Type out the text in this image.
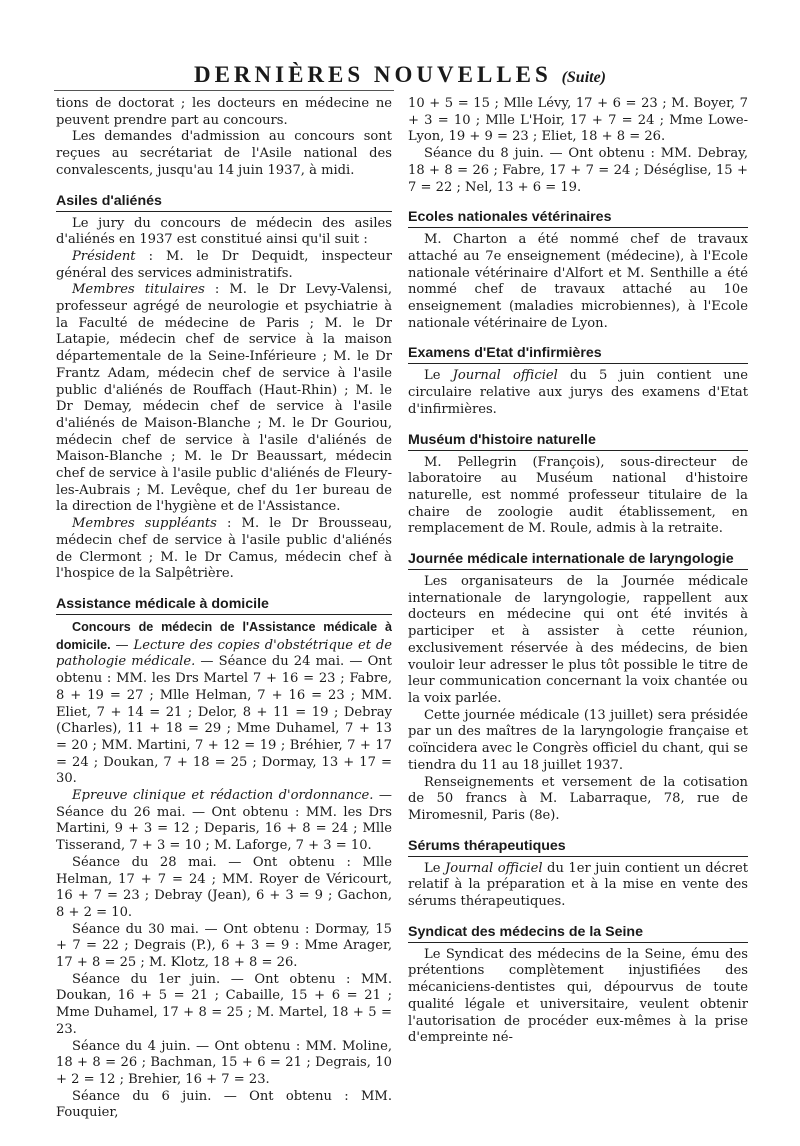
DERNIÈRES NOUVELLES (Suite)

tions de doctorat ; les docteurs en médecine ne peuvent prendre part au concours.

Les demandes d'admission au concours sont reçues au secrétariat de l'Asile national des convalescents, jusqu'au 14 juin 1937, à midi.

Asiles d'aliénés

Le jury du concours de médecin des asiles d'aliénés en 1937 est constitué ainsi qu'il suit :

Président : M. le Dr Dequidt, inspecteur général des services administratifs.

Membres titulaires : M. le Dr Levy-Valensi, professeur agrégé de neurologie et psychiatrie à la Faculté de médecine de Paris ; M. le Dr Latapie, médecin chef de service à la maison départementale de la Seine-Inférieure ; M. le Dr Frantz Adam, médecin chef de service à l'asile public d'aliénés de Rouffach (Haut-Rhin) ; M. le Dr Demay, médecin chef de service à l'asile d'aliénés de Maison-Blanche ; M. le Dr Gouriou, médecin chef de service à l'asile d'aliénés de Maison-Blanche ; M. le Dr Beaussart, médecin chef de service à l'asile public d'aliénés de Fleury-les-Aubrais ; M. Levêque, chef du 1er bureau de la direction de l'hygiène et de l'Assistance.

Membres suppléants : M. le Dr Brousseau, médecin chef de service à l'asile public d'aliénés de Clermont ; M. le Dr Camus, médecin chef à l'hospice de la Salpêtrière.

Assistance médicale à domicile

Concours de médecin de l'Assistance médicale à domicile. — Lecture des copies d'obstétrique et de pathologie médicale. — Séance du 24 mai. — Ont obtenu : MM. les Drs Martel 7 + 16 = 23 ; Fabre, 8 + 19 = 27 ; Mlle Helman, 7 + 16 = 23 ; MM. Eliet, 7 + 14 = 21 ; Delor, 8 + 11 = 19 ; Debray (Charles), 11 + 18 = 29 ; Mme Duhamel, 7 + 13 = 20 ; MM. Martini, 7 + 12 = 19 ; Bréhier, 7 + 17 = 24 ; Doukan, 7 + 18 = 25 ; Dormay, 13 + 17 = 30.

Epreuve clinique et rédaction d'ordonnance. — Séance du 26 mai. — Ont obtenu : MM. les Drs Martini, 9 + 3 = 12 ; Deparis, 16 + 8 = 24 ; Mlle Tisserand, 7 + 3 = 10 ; M. Laforge, 7 + 3 = 10.

Séance du 28 mai. — Ont obtenu : Mlle Helman, 17 + 7 = 24 ; MM. Royer de Véricourt, 16 + 7 = 23 ; Debray (Jean), 6 + 3 = 9 ; Gachon, 8 + 2 = 10.

Séance du 30 mai. — Ont obtenu : Dormay, 15 + 7 = 22 ; Degrais (P.), 6 + 3 = 9 : Mme Arager, 17 + 8 = 25 ; M. Klotz, 18 + 8 = 26.

Séance du 1er juin. — Ont obtenu : MM. Doukan, 16 + 5 = 21 ; Cabaille, 15 + 6 = 21 ; Mme Duhamel, 17 + 8 = 25 ; M. Martel, 18 + 5 = 23.

Séance du 4 juin. — Ont obtenu : MM. Moline, 18 + 8 = 26 ; Bachman, 15 + 6 = 21 ; Degrais, 10 + 2 = 12 ; Brehier, 16 + 7 = 23.

Séance du 6 juin. — Ont obtenu : MM. Fouquier,

10 + 5 = 15 ; Mlle Lévy, 17 + 6 = 23 ; M. Boyer, 7 + 3 = 10 ; Mlle L'Hoir, 17 + 7 = 24 ; Mme Lowe-Lyon, 19 + 9 = 23 ; Eliet, 18 + 8 = 26.

Séance du 8 juin. — Ont obtenu : MM. Debray, 18 + 8 = 26 ; Fabre, 17 + 7 = 24 ; Déséglise, 15 + 7 = 22 ; Nel, 13 + 6 = 19.

Ecoles nationales vétérinaires

M. Charton a été nommé chef de travaux attaché au 7e enseignement (médecine), à l'Ecole nationale vétérinaire d'Alfort et M. Senthille a été nommé chef de travaux attaché au 10e enseignement (maladies microbiennes), à l'Ecole nationale vétérinaire de Lyon.

Examens d'Etat d'infirmières

Le Journal officiel du 5 juin contient une circulaire relative aux jurys des examens d'Etat d'infirmières.

Muséum d'histoire naturelle

M. Pellegrin (François), sous-directeur de laboratoire au Muséum national d'histoire naturelle, est nommé professeur titulaire de la chaire de zoologie audit établissement, en remplacement de M. Roule, admis à la retraite.

Journée médicale internationale de laryngologie

Les organisateurs de la Journée médicale internationale de laryngologie, rappellent aux docteurs en médecine qui ont été invités à participer et à assister à cette réunion, exclusivement réservée à des médecins, de bien vouloir leur adresser le plus tôt possible le titre de leur communication concernant la voix chantée ou la voix parlée.

Cette journée médicale (13 juillet) sera présidée par un des maîtres de la laryngologie française et coïncidera avec le Congrès officiel du chant, qui se tiendra du 11 au 18 juillet 1937.

Renseignements et versement de la cotisation de 50 francs à M. Labarraque, 78, rue de Miromesnil, Paris (8e).

Sérums thérapeutiques

Le Journal officiel du 1er juin contient un décret relatif à la préparation et à la mise en vente des sérums thérapeutiques.

Syndicat des médecins de la Seine

Le Syndicat des médecins de la Seine, ému des prétentions complètement injustifiées des mécaniciens-dentistes qui, dépourvus de toute qualité légale et universitaire, veulent obtenir l'autorisation de procéder eux-mêmes à la prise d'empreinte né-
